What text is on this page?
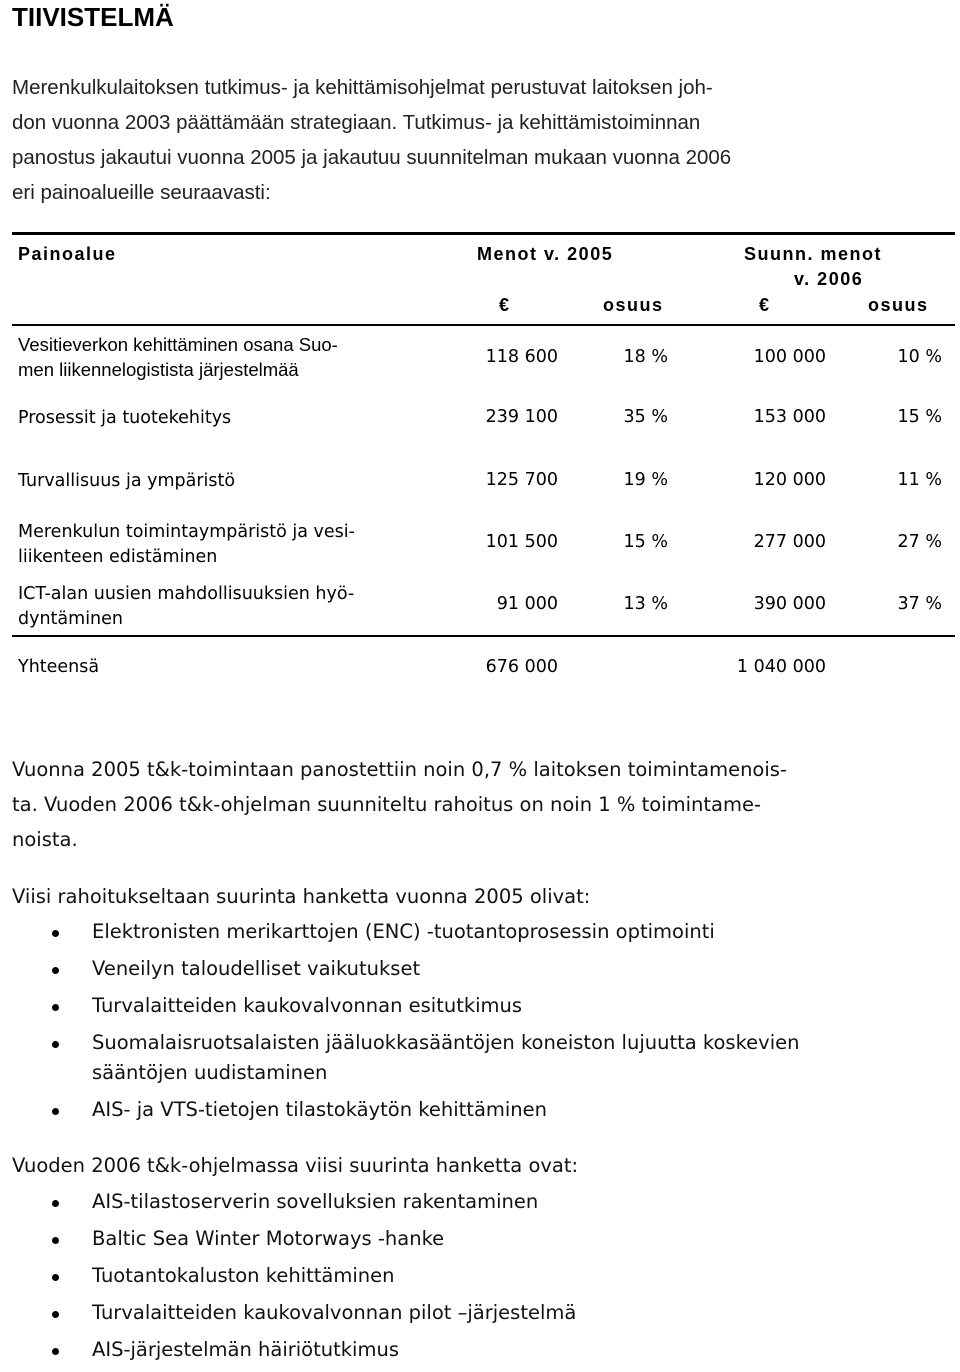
TIIVISTELMÄ
Merenkulkulaitoksen tutkimus- ja kehittämisohjelmat perustuvat laitoksen joh-
don vuonna 2003 päättämään strategiaan. Tutkimus- ja kehittämistoiminnan
panostus jakautui vuonna 2005 ja jakautuu suunnitelman mukaan vuonna 2006
eri painoalueille seuraavasti:
Painoalue	Menot v. 2005	Suunn. menot
v. 2006
€	osuus	€	osuus
Vesitieverkon kehittäminen osana Suo-
men liikennelogistista järjestelmää
118 600	18 %	100 000	10 %
Prosessit ja tuotekehitys	239 100	35 %	153 000	15 %
Turvallisuus ja ympäristö	125 700	19 %	120 000	11 %
Merenkulun toimintaympäristö ja vesi-
liikenteen edistäminen
101 500	15 %	277 000	27 %
ICT-alan uusien mahdollisuuksien hyö-
dyntäminen
91 000	13 %	390 000	37 %
Yhteensä	676 000	1 040 000
Vuonna 2005 t&k-toimintaan panostettiin noin 0,7 % laitoksen toimintamenois-
ta. Vuoden 2006 t&k-ohjelman suunniteltu rahoitus on noin 1 % toimintame-
noista.
Viisi rahoitukseltaan suurinta hanketta vuonna 2005 olivat:
Elektronisten merikarttojen (ENC) -tuotantoprosessin optimointi
Veneilyn taloudelliset vaikutukset
Turvalaitteiden kaukovalvonnan esitutkimus
Suomalaisruotsalaisten jääluokkasääntöjen koneiston lujuutta koskevien
sääntöjen uudistaminen
AIS- ja VTS-tietojen tilastokäytön kehittäminen
Vuoden 2006 t&k-ohjelmassa viisi suurinta hanketta ovat:
AIS-tilastoserverin sovelluksien rakentaminen
Baltic Sea Winter Motorways -hanke
Tuotantokaluston kehittäminen
Turvalaitteiden kaukovalvonnan pilot –järjestelmä
AIS-järjestelmän häiriötutkimus
